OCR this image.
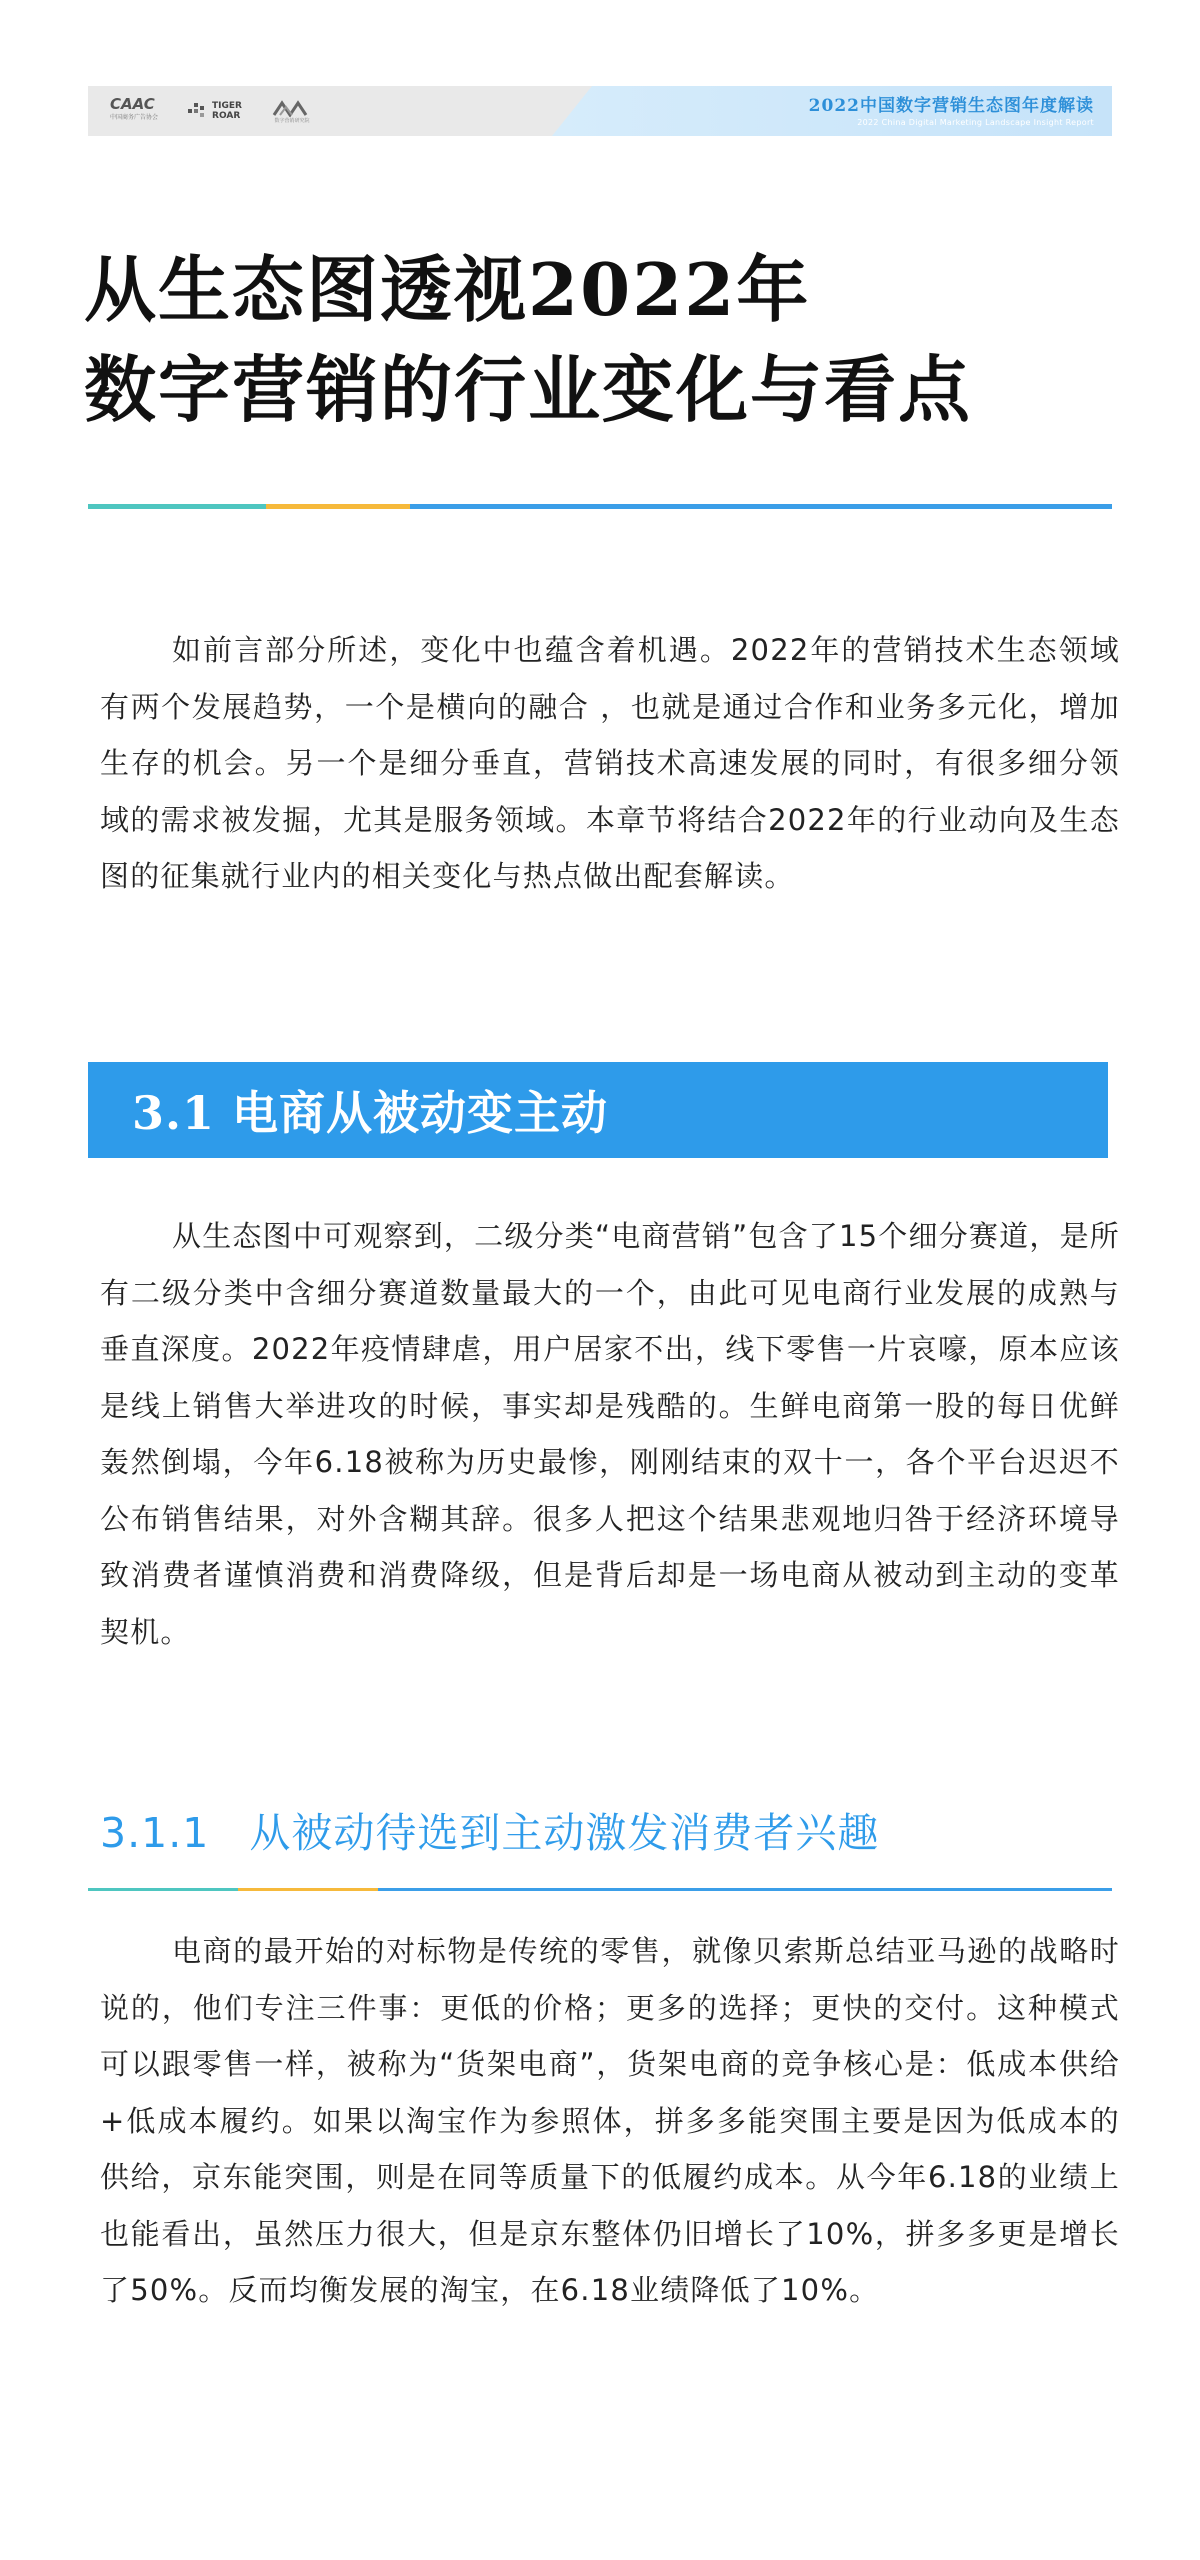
CAAC
中国商务广告协会
TIGER
ROAR	数字营销研究院
2022中国数字营销生态图年度解读
2022 China Digital Marketing Landscape Insight Report
从生态图透视2022年
数字营销的行业变化与看点

如前言部分所述，变化中也蕴含着机遇。2022年的营销技术生态领域有两个发展趋势，一个是横向的融合 ，也就是通过合作和业务多元化，增加生存的机会。另一个是细分垂直，营销技术高速发展的同时，有很多细分领域的需求被发掘，尤其是服务领域。本章节将结合2022年的行业动向及生态图的征集就行业内的相关变化与热点做出配套解读。

3.1 电商从被动变主动

从生态图中可观察到，二级分类“电商营销”包含了15个细分赛道，是所有二级分类中含细分赛道数量最大的一个，由此可见电商行业发展的成熟与垂直深度。2022年疫情肆虐，用户居家不出，线下零售一片哀嚎，原本应该是线上销售大举进攻的时候，事实却是残酷的。生鲜电商第一股的每日优鲜轰然倒塌，今年6.18被称为历史最惨，刚刚结束的双十一，各个平台迟迟不公布销售结果，对外含糊其辞。很多人把这个结果悲观地归咎于经济环境导致消费者谨慎消费和消费降级，但是背后却是一场电商从被动到主动的变革契机。

3.1.1 从被动待选到主动激发消费者兴趣

电商的最开始的对标物是传统的零售，就像贝索斯总结亚马逊的战略时说的，他们专注三件事：更低的价格；更多的选择；更快的交付。这种模式可以跟零售一样，被称为“货架电商”，货架电商的竞争核心是：低成本供给+低成本履约。如果以淘宝作为参照体，拼多多能突围主要是因为低成本的供给，京东能突围，则是在同等质量下的低履约成本。从今年6.18的业绩上也能看出，虽然压力很大，但是京东整体仍旧增长了10%，拼多多更是增长了50%。反而均衡发展的淘宝，在6.18业绩降低了10%。
